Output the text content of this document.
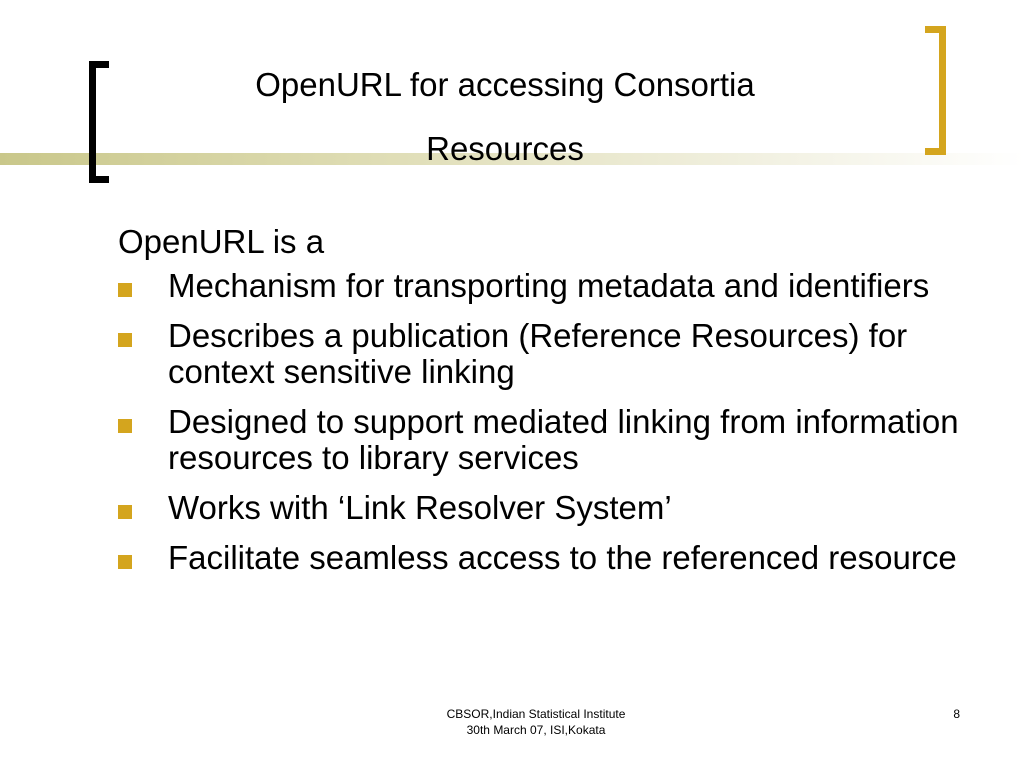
OpenURL for accessing Consortia
Resources

OpenURL is a

Mechanism for transporting metadata and identifiers
Describes a publication (Reference Resources) for context sensitive linking
Designed to support mediated linking from information resources to library services
Works with ‘Link Resolver System’
Facilitate seamless access to the referenced resource
CBSOR,Indian Statistical Institute
30th March 07, ISI,Kokata
8
